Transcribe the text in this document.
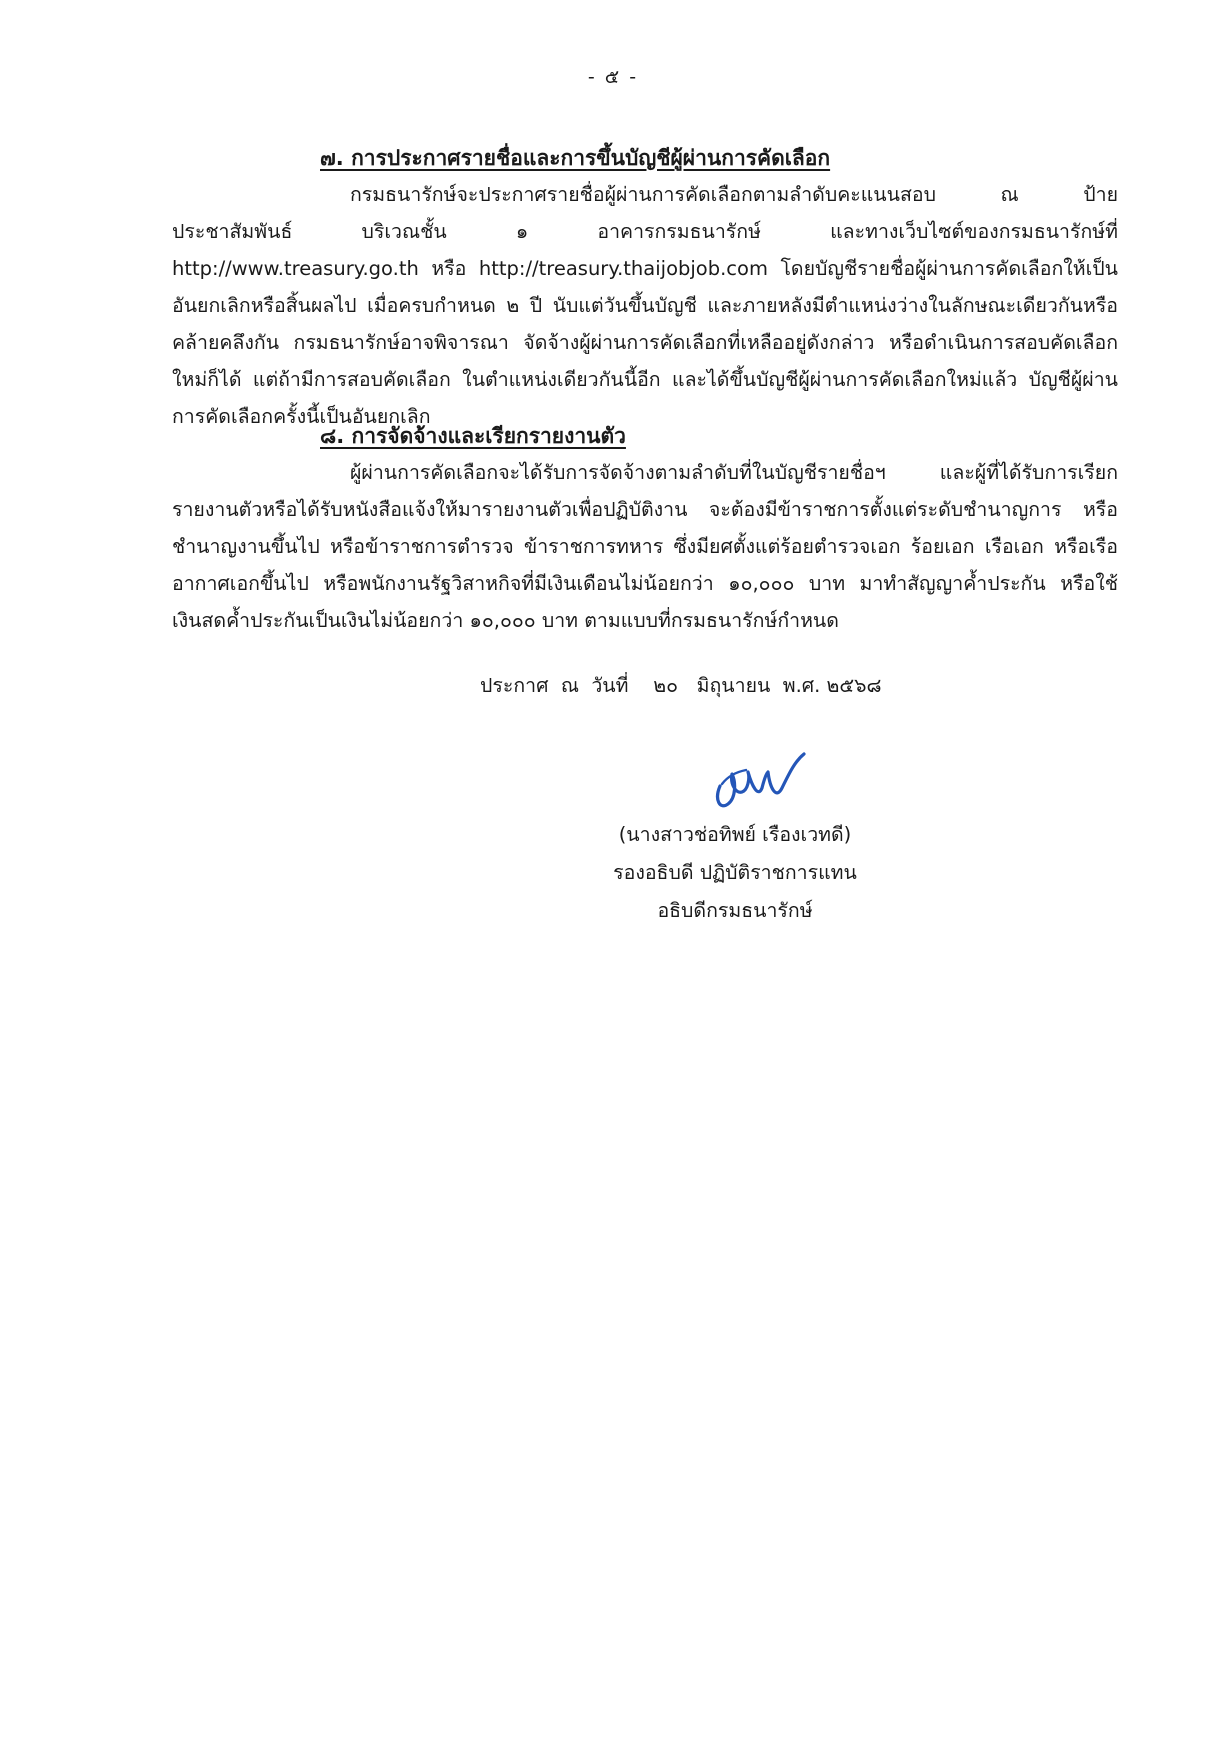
- ๕ -
๗. การประกาศรายชื่อและการขึ้นบัญชีผู้ผ่านการคัดเลือก

กรมธนารักษ์จะประกาศรายชื่อผู้ผ่านการคัดเลือกตามลำดับคะแนนสอบ ณ ป้ายประชาสัมพันธ์ บริเวณชั้น ๑ อาคารกรมธนารักษ์ และทางเว็บไซต์ของกรมธนารักษ์ที่ http://www.treasury.go.th หรือ http://treasury.thaijobjob.com โดยบัญชีรายชื่อผู้ผ่านการคัดเลือกให้เป็นอันยกเลิกหรือสิ้นผลไป เมื่อครบกำหนด ๒ ปี นับแต่วันขึ้นบัญชี และภายหลังมีตำแหน่งว่างในลักษณะเดียวกันหรือคล้ายคลึงกัน กรมธนารักษ์อาจพิจารณา จัดจ้างผู้ผ่านการคัดเลือกที่เหลืออยู่ดังกล่าว หรือดำเนินการสอบคัดเลือกใหม่ก็ได้ แต่ถ้ามีการสอบคัดเลือก ในตำแหน่งเดียวกันนี้อีก และได้ขึ้นบัญชีผู้ผ่านการคัดเลือกใหม่แล้ว บัญชีผู้ผ่านการคัดเลือกครั้งนี้เป็นอันยกเลิก

๘. การจัดจ้างและเรียกรายงานตัว

ผู้ผ่านการคัดเลือกจะได้รับการจัดจ้างตามลำดับที่ในบัญชีรายชื่อฯ และผู้ที่ได้รับการเรียก รายงานตัวหรือได้รับหนังสือแจ้งให้มารายงานตัวเพื่อปฏิบัติงาน จะต้องมีข้าราชการตั้งแต่ระดับชำนาญการ หรือชำนาญงานขึ้นไป หรือข้าราชการตำรวจ ข้าราชการทหาร ซึ่งมียศตั้งแต่ร้อยตำรวจเอก ร้อยเอก เรือเอก หรือเรืออากาศเอกขึ้นไป หรือพนักงานรัฐวิสาหกิจที่มีเงินเดือนไม่น้อยกว่า ๑๐,๐๐๐ บาท มาทำสัญญาค้ำประกัน หรือใช้เงินสดค้ำประกันเป็นเงินไม่น้อยกว่า ๑๐,๐๐๐ บาท ตามแบบที่กรมธนารักษ์กำหนด

ประกาศ  ณ  วันที่    ๒๐   มิถุนายน  พ.ศ. ๒๕๖๘
(นางสาวช่อทิพย์ เรืองเวทดี)
รองอธิบดี ปฏิบัติราชการแทน
อธิบดีกรมธนารักษ์
